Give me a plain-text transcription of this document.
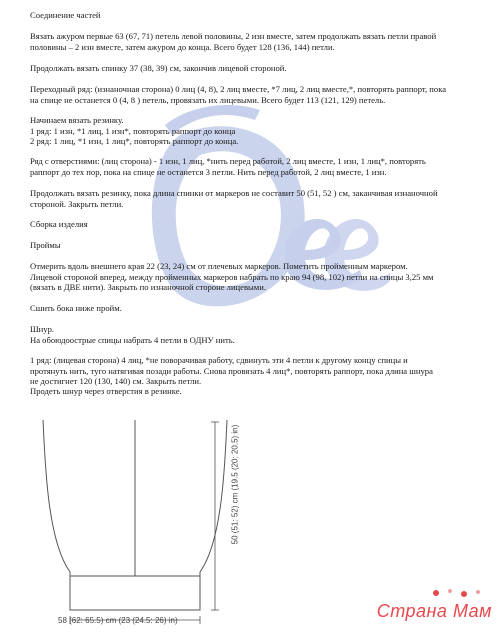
Соединение частей
Вязать ажуром первые 63 (67, 71) петель левой половины, 2 изн вместе, затем продолжать вязать петли правой
половины – 2 изн вместе, затем ажуром до конца. Всего будет 128 (136, 144) петли.
Продолжать вязать спинку 37 (38, 39) см, закончив лицевой стороной.
Переходный ряд: (изнаночная сторона) 0 лиц (4, 8), 2 лиц вместе, *7 лиц, 2 лиц вместе,*, повторять раппорт, пока
на спице не останется 0 (4, 8 ) петель, провязать их лицевыми. Всего будет 113 (121, 129) петель.
Начинаем вязать резинку.
1 ряд: 1 изн, *1 лиц, 1 изн*, повторять раппорт до конца
2 ряд: 1 лиц, *1 изн, 1 лиц*, повторять раппорт до конца.
Ряд с отверстиями: (лиц сторона) - 1 изн, 1 лиц, *нить перед работой, 2 лиц вместе, 1 изн, 1 лиц*, повторять
раппорт до тех пор, пока на спице не останется 3 петли. Нить перед работой, 2 лиц вместе, 1 изн.
Продолжать вязать резинку, пока длина спинки от маркеров не составит 50 (51, 52 ) см, заканчивая изнаночной
стороной. Закрыть петли.
Сборка изделия
Проймы
Отмерить вдоль внешнего края 22 (23, 24) см от плечевых маркеров. Пометить пройменным маркером.
Лицевой стороной вперед, между пройменных маркеров набрать по краю 94 (98, 102) петли на спицы 3,25 мм
(вязать в ДВЕ нити). Закрыть по изнаночной стороне лицевыми.
Сшить бока ниже пройм.
Шнур.
На обоюдоострые спицы набрать 4 петли в ОДНУ нить.
1 ряд: (лицевая сторона) 4 лиц, *не поворачивая работу, сдвинуть эти 4 петли к другому концу спицы и
протянуть нить, туго натягивая позади работы. Снова провязать 4 лиц*, повторять раппорт, пока длина шнура
не достигнет 120 (130, 140) см. Закрыть петли.
Продеть шнур через отверстия в резинке.
58 (62: 65.5) cm (23 (24.5: 26) in)
50 (51: 52) cm (19.5 (20: 20.5) in)
Страна Мам
